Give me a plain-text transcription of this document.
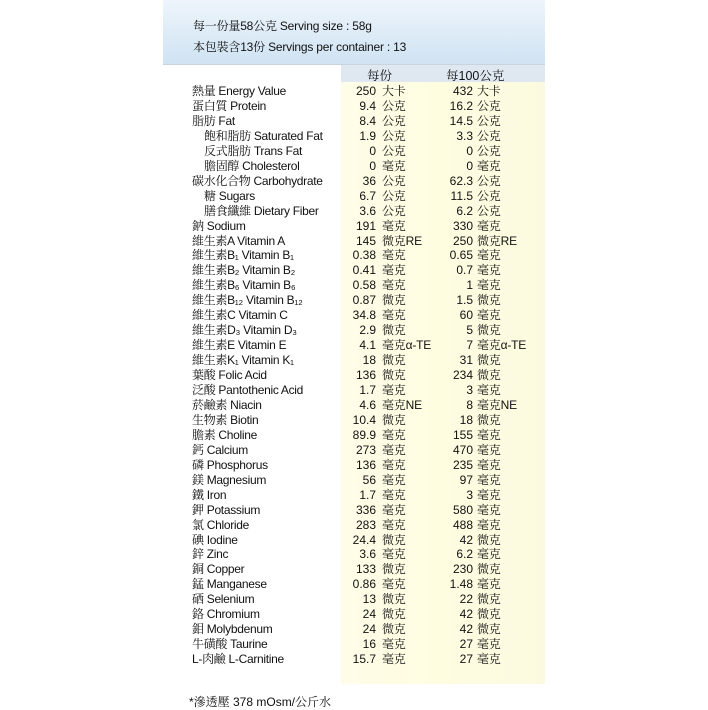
每一份量58公克 Serving size : 58g
本包裝含13份 Servings per container : 13
每份	每100公克
熱量 Energy Value	250 大卡	432 大卡
蛋白質 Protein	9.4 公克	16.2 公克
脂肪 Fat	8.4 公克	14.5 公克
飽和脂肪 Saturated Fat	1.9 公克	3.3 公克
反式脂肪 Trans Fat	0 公克	0 公克
膽固醇 Cholesterol	0 毫克	0 毫克
碳水化合物 Carbohydrate	36 公克	62.3 公克
糖 Sugars	6.7 公克	11.5 公克
膳食纖維 Dietary Fiber	3.6 公克	6.2 公克
鈉 Sodium	191 毫克	330 毫克
維生素A Vitamin A	145 微克RE	250 微克RE
維生素B₁ Vitamin B₁	0.38 毫克	0.65 毫克
維生素B₂ Vitamin B₂	0.41 毫克	0.7 毫克
維生素B₆ Vitamin B₆	0.58 毫克	1 毫克
維生素B₁₂ Vitamin B₁₂	0.87 微克	1.5 微克
維生素C Vitamin C	34.8 毫克	60 毫克
維生素D₃ Vitamin D₃	2.9 微克	5 微克
維生素E Vitamin E	4.1 毫克α-TE	7 毫克α-TE
維生素K₁ Vitamin K₁	18 微克	31 微克
葉酸 Folic Acid	136 微克	234 微克
泛酸 Pantothenic Acid	1.7 毫克	3 毫克
菸鹼素 Niacin	4.6 毫克NE	8 毫克NE
生物素 Biotin	10.4 微克	18 微克
膽素 Choline	89.9 毫克	155 毫克
鈣 Calcium	273 毫克	470 毫克
磷 Phosphorus	136 毫克	235 毫克
鎂 Magnesium	56 毫克	97 毫克
鐵 Iron	1.7 毫克	3 毫克
鉀 Potassium	336 毫克	580 毫克
氯 Chloride	283 毫克	488 毫克
碘 Iodine	24.4 微克	42 微克
鋅 Zinc	3.6 毫克	6.2 毫克
銅 Copper	133 微克	230 微克
錳 Manganese	0.86 毫克	1.48 毫克
硒 Selenium	13 微克	22 微克
鉻 Chromium	24 微克	42 微克
鉬 Molybdenum	24 微克	42 微克
牛磺酸 Taurine	16 毫克	27 毫克
L-肉鹼 L-Carnitine	15.7 毫克	27 毫克
*滲透壓 378 mOsm/公斤水
